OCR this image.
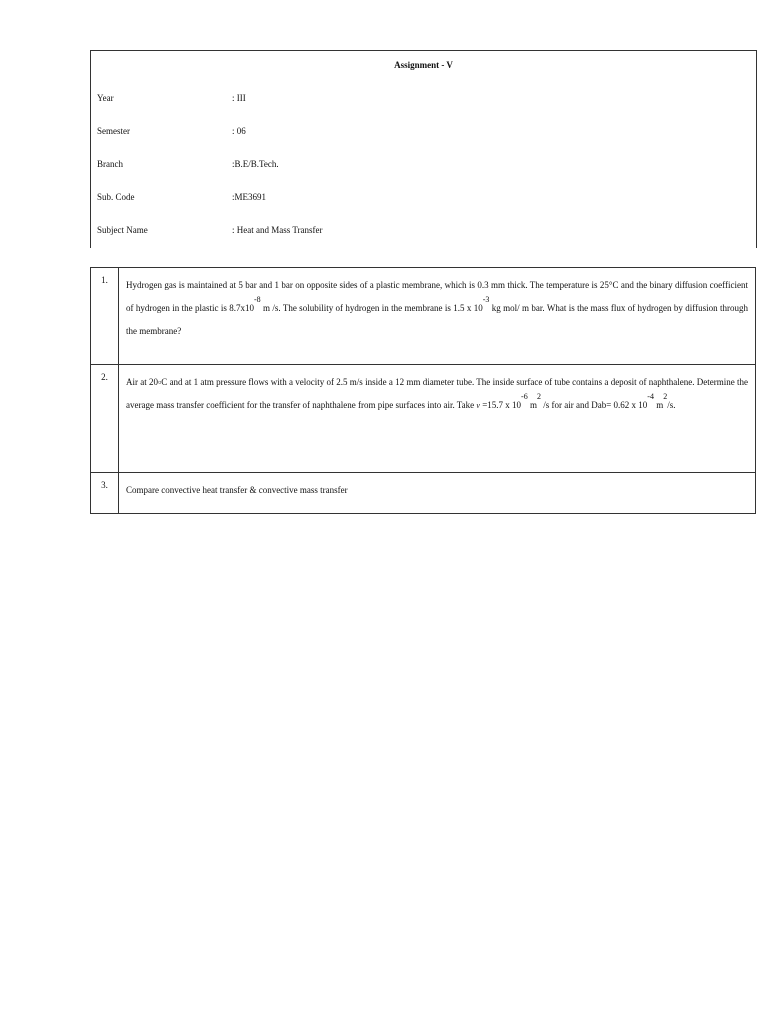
Assignment - V
Year	: III
Semester	: 06
Branch	:B.E/B.Tech.
Sub. Code	:ME3691
Subject Name	: Heat and Mass Transfer
1.	Hydrogen gas is maintained at 5 bar and 1 bar on opposite sides of a plastic membrane, which is 0.3 mm thick. The temperature is 25°C and the binary diffusion coefficient of hydrogen in the plastic is 8.7x10-8 m /s. The solubility of hydrogen in the membrane is 1.5 x 10-3 kg mol/ m bar. What is the mass flux of hydrogen by diffusion through the membrane?
2.	Air at 20▫C and at 1 atm pressure flows with a velocity of 2.5 m/s inside a 12 mm diameter tube. The inside surface of tube contains a deposit of naphthalene. Determine the average mass transfer coefficient for the transfer of naphthalene from pipe surfaces into air. Take ν =15.7 x 10-6 m2 /s for air and Dab= 0.62 x 10-4 m2/s.
3.	Compare convective heat transfer & convective mass transfer
